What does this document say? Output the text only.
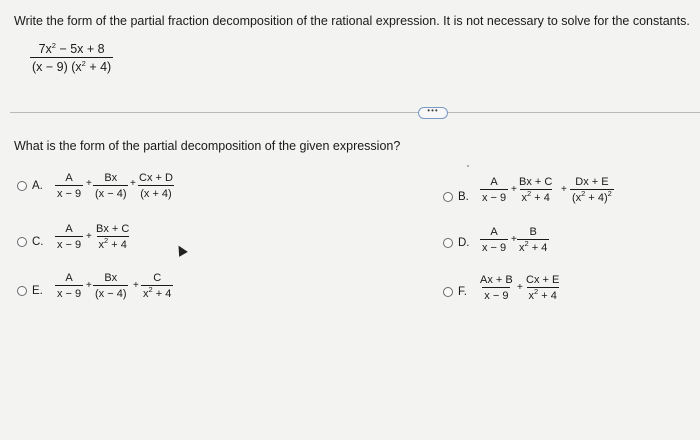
Write the form of the partial fraction decomposition of the rational expression. It is not necessary to solve for the constants.
$\frac{7x^2 - 5x + 8}{(x - 9) (x^2 + 4)}$
•••
What is the form of the partial decomposition of the given expression?
A. $\frac{A}{x - 9} + \frac{Bx}{(x - 4)} + \frac{Cx + D}{(x + 4)}$
C. $\frac{A}{x - 9} + \frac{Bx + C}{x^2 + 4}$
E. $\frac{A}{x - 9} + \frac{Bx}{(x - 4)} + \frac{C}{x^2 + 4}$
B. $\frac{A}{x - 9} + \frac{Bx + C}{x^2 + 4} + \frac{Dx + E}{(x^2 + 4)^2}$
D. $\frac{A}{x - 9} + \frac{B}{x^2 + 4}$
F. $\frac{Ax + B}{x - 9} + \frac{Cx + E}{x^2 + 4}$
